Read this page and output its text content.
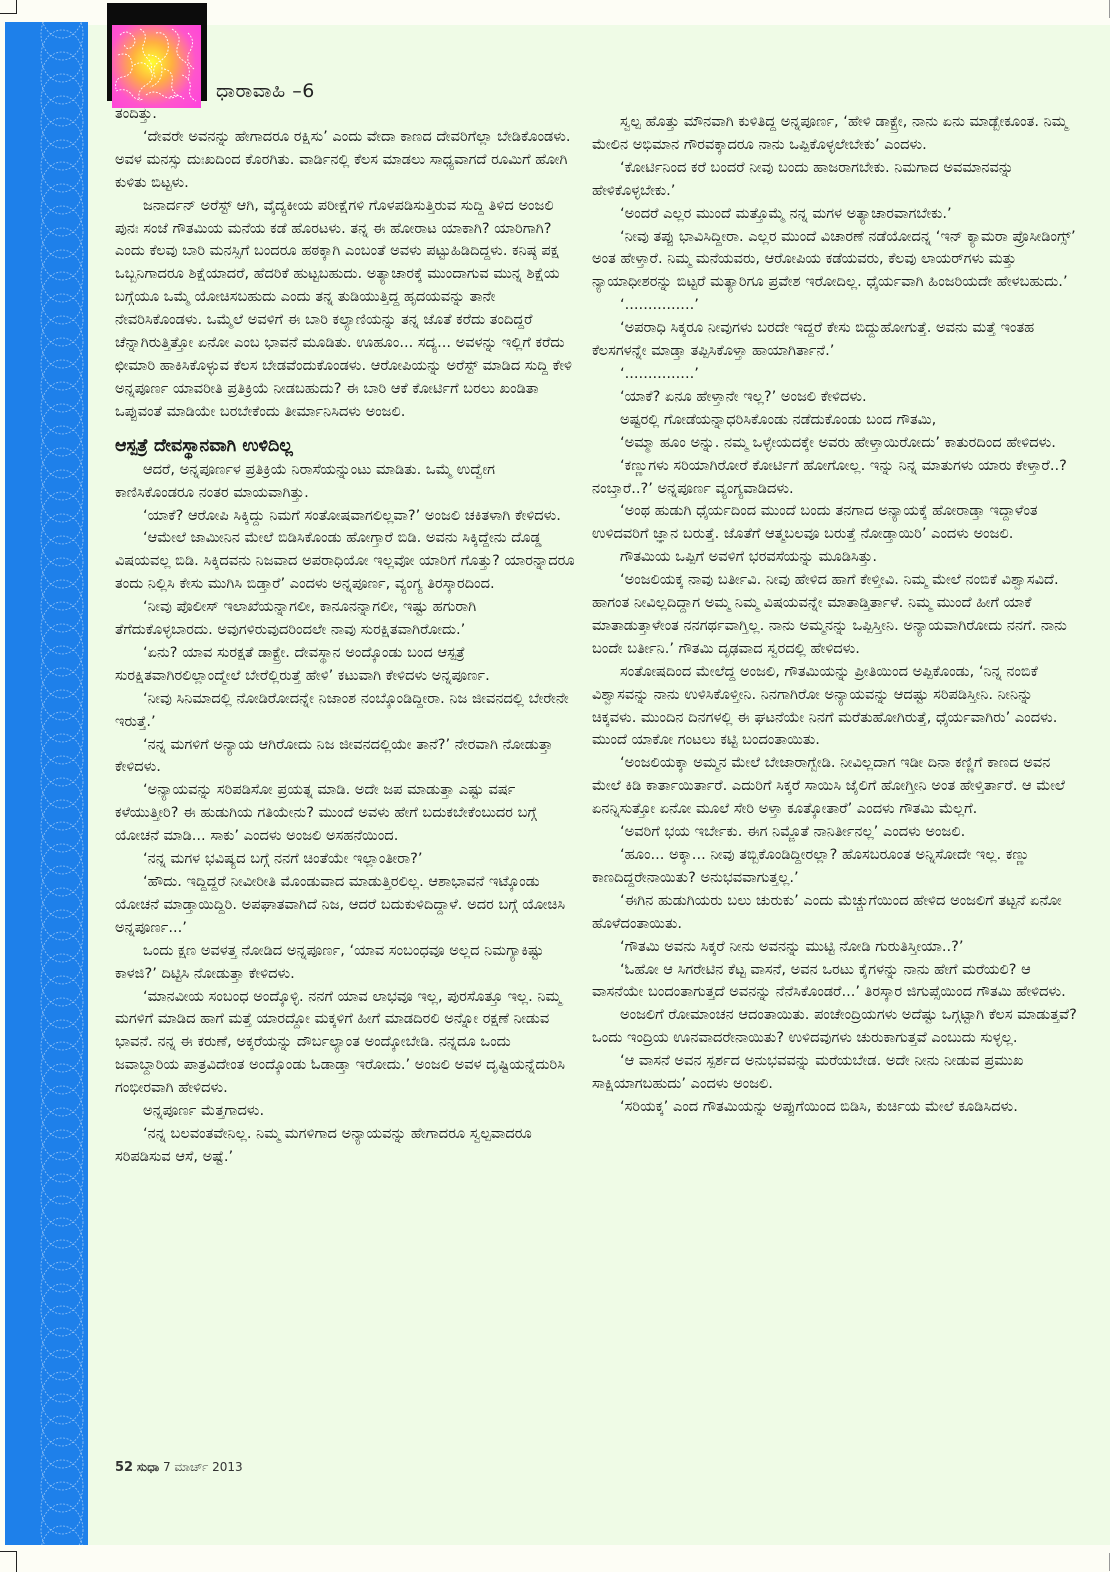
ಧಾರಾವಾಹಿ –6

ತಂದಿತ್ತು.

‘ದೇವರೇ ಅವನನ್ನು ಹೇಗಾದರೂ ರಕ್ಷಿಸು’ ಎಂದು ವೇದಾ ಕಾಣದ ದೇವರಿಗೆಲ್ಲಾ ಬೇಡಿಕೊಂಡಳು. ಅವಳ ಮನಸ್ಸು ದುಃಖದಿಂದ ಕೊರಗಿತು. ವಾರ್ಡಿನಲ್ಲಿ ಕೆಲಸ ಮಾಡಲು ಸಾಧ್ಯವಾಗದೆ ರೂಮಿಗೆ ಹೋಗಿ ಕುಳಿತು ಬಿಟ್ಟಳು.

ಜನಾರ್ದನ್ ಅರೆಸ್ಟ್ ಆಗಿ, ವೈದ್ಯಕೀಯ ಪರೀಕ್ಷೆಗಳಿ ಗೊಳಪಡಿಸುತ್ತಿರುವ ಸುದ್ದಿ ತಿಳಿದ ಅಂಜಲಿ ಪುನಃ ಸಂಜೆ ಗೌತಮಿಯ ಮನೆಯ ಕಡೆ ಹೊರಟಳು. ತನ್ನ ಈ ಹೋರಾಟ ಯಾಕಾಗಿ? ಯಾರಿಗಾಗಿ? ಎಂದು ಕೆಲವು ಬಾರಿ ಮನಸ್ಸಿಗೆ ಬಂದರೂ ಹಠಕ್ಕಾಗಿ ಎಂಬಂತೆ ಅವಳು ಪಟ್ಟುಹಿಡಿದಿದ್ದಳು. ಕನಿಷ್ಠ ಪಕ್ಷ ಒಬ್ಬನಿಗಾದರೂ ಶಿಕ್ಷೆಯಾದರೆ, ಹೆದರಿಕೆ ಹುಟ್ಟಬಹುದು. ಅತ್ಯಾಚಾರಕ್ಕೆ ಮುಂದಾಗುವ ಮುನ್ನ ಶಿಕ್ಷೆಯ ಬಗ್ಗೆಯೂ ಒಮ್ಮೆ ಯೋಚಿಸಬಹುದು ಎಂದು ತನ್ನ ತುಡಿಯುತ್ತಿದ್ದ ಹೃದಯವನ್ನು ತಾನೇ ನೇವರಿಸಿಕೊಂಡಳು. ಒಮ್ಮೆಲೆ ಅವಳಿಗೆ ಈ ಬಾರಿ ಕಲ್ಯಾಣಿಯನ್ನು ತನ್ನ ಜೊತೆ ಕರೆದು ತಂದಿದ್ದರೆ ಚೆನ್ನಾಗಿರುತ್ತಿತ್ತೋ ಏನೋ ಎಂಬ ಭಾವನೆ ಮೂಡಿತು. ಊಹೂಂ... ಸದ್ಯ... ಅವಳನ್ನು ಇಲ್ಲಿಗೆ ಕರೆದು ಛೀಮಾರಿ ಹಾಕಿಸಿಕೊಳ್ಳುವ ಕೆಲಸ ಬೇಡವೆಂದುಕೊಂಡಳು. ಆರೋಪಿಯನ್ನು ಅರೆಸ್ಟ್ ಮಾಡಿದ ಸುದ್ದಿ ಕೇಳಿ ಅನ್ನಪೂರ್ಣ ಯಾವರೀತಿ ಪ್ರತಿಕ್ರಿಯೆ ನೀಡಬಹುದು? ಈ ಬಾರಿ ಆಕೆ ಕೋರ್ಟಿಗೆ ಬರಲು ಖಂಡಿತಾ ಒಪ್ಪುವಂತೆ ಮಾಡಿಯೇ ಬರಬೇಕೆಂದು ತೀರ್ಮಾನಿಸಿದಳು ಅಂಜಲಿ.

ಆಸ್ಪತ್ರೆ ದೇವಸ್ಥಾನವಾಗಿ ಉಳಿದಿಲ್ಲ

ಆದರೆ, ಅನ್ನಪೂರ್ಣಳ ಪ್ರತಿಕ್ರಿಯೆ ನಿರಾಸೆಯನ್ನುಂಟು ಮಾಡಿತು. ಒಮ್ಮೆ ಉದ್ವೇಗ ಕಾಣಿಸಿಕೊಂಡರೂ ನಂತರ ಮಾಯವಾಗಿತ್ತು.

‘ಯಾಕೆ? ಆರೋಪಿ ಸಿಕ್ಕಿದ್ದು ನಿಮಗೆ ಸಂತೋಷವಾಗಲಿಲ್ಲವಾ?’ ಅಂಜಲಿ ಚಕಿತಳಾಗಿ ಕೇಳಿದಳು.

‘ಆಮೇಲೆ ಜಾಮೀನಿನ ಮೇಲೆ ಬಿಡಿಸಿಕೊಂಡು ಹೋಗ್ತಾರೆ ಬಿಡಿ. ಅವನು ಸಿಕ್ಕಿದ್ದೇನು ದೊಡ್ಡ ವಿಷಯವಲ್ಲ ಬಿಡಿ. ಸಿಕ್ಕಿದವನು ನಿಜವಾದ ಅಪರಾಧಿಯೋ ಇಲ್ಲವೋ ಯಾರಿಗೆ ಗೊತ್ತು? ಯಾರನ್ನಾದರೂ ತಂದು ನಿಲ್ಲಿಸಿ ಕೇಸು ಮುಗಿಸಿ ಬಿಡ್ತಾರೆ’ ಎಂದಳು ಅನ್ನಪೂರ್ಣ, ವ್ಯಂಗ್ಯ ತಿರಸ್ಕಾರದಿಂದ.

‘ನೀವು ಪೊಲೀಸ್ ಇಲಾಖೆಯನ್ನಾಗಲೀ, ಕಾನೂನನ್ನಾಗಲೀ, ಇಷ್ಟು ಹಗುರಾಗಿ ತೆಗೆದುಕೊಳ್ಳಬಾರದು. ಅವುಗಳಿರುವುದರಿಂದಲೇ ನಾವು ಸುರಕ್ಷಿತವಾಗಿರೋದು.’

‘ಏನು? ಯಾವ ಸುರಕ್ಷತೆ ಡಾಕ್ಟ್ರೇ. ದೇವಸ್ಥಾನ ಅಂದ್ಕೊಂಡು ಬಂದ ಆಸ್ಪತ್ರೆ ಸುರಕ್ಷಿತವಾಗಿರಲಿಲ್ಲಾಂದ್ಮೇಲೆ ಬೇರೆಲ್ಲಿರುತ್ತೆ ಹೇಳಿ’ ಕಟುವಾಗಿ ಕೇಳಿದಳು ಅನ್ನಪೂರ್ಣ.

‘ನೀವು ಸಿನಿಮಾದಲ್ಲಿ ನೋಡಿರೋದನ್ನೇ ನಿಜಾಂಶ ನಂಬ್ಕೊಂಡಿದ್ದೀರಾ. ನಿಜ ಜೀವನದಲ್ಲಿ ಬೇರೇನೇ ಇರುತ್ತೆ.’

‘ನನ್ನ ಮಗಳಿಗೆ ಅನ್ಯಾಯ ಆಗಿರೋದು ನಿಜ ಜೀವನದಲ್ಲಿಯೇ ತಾನೆ?’ ನೇರವಾಗಿ ನೋಡುತ್ತಾ ಕೇಳಿದಳು.

‘ಅನ್ಯಾಯವನ್ನು ಸರಿಪಡಿಸೋ ಪ್ರಯತ್ನ ಮಾಡಿ. ಅದೇ ಜಪ ಮಾಡುತ್ತಾ ಎಷ್ಟು ವರ್ಷ ಕಳೆಯುತ್ತೀರಿ? ಈ ಹುಡುಗಿಯ ಗತಿಯೇನು? ಮುಂದೆ ಅವಳು ಹೇಗೆ ಬದುಕಬೇಕೆಂಬುದರ ಬಗ್ಗೆ ಯೋಚನೆ ಮಾಡಿ... ಸಾಕು’ ಎಂದಳು ಅಂಜಲಿ ಅಸಹನೆಯಿಂದ.

‘ನನ್ನ ಮಗಳ ಭವಿಷ್ಯದ ಬಗ್ಗೆ ನನಗೆ ಚಿಂತೆಯೇ ಇಲ್ಲಾಂತೀರಾ?’

‘ಹೌದು. ಇದ್ದಿದ್ದರೆ ನೀವೀರೀತಿ ಮೊಂಡುವಾದ ಮಾಡುತ್ತಿರಲಿಲ್ಲ. ಆಶಾಭಾವನೆ ಇಟ್ಕೊಂಡು ಯೋಚನೆ ಮಾಡ್ತಾಯಿದ್ದಿರಿ. ಅಪಘಾತವಾಗಿದೆ ನಿಜ, ಆದರೆ ಬದುಕುಳಿದಿದ್ದಾಳೆ. ಅದರ ಬಗ್ಗೆ ಯೋಚಿಸಿ ಅನ್ನಪೂರ್ಣ...’

ಒಂದು ಕ್ಷಣ ಅವಳತ್ತ ನೋಡಿದ ಅನ್ನಪೂರ್ಣ, ‘ಯಾವ ಸಂಬಂಧವೂ ಅಲ್ಲದ ನಿಮಗ್ಯಾಕಿಷ್ಟು ಕಾಳಜಿ?’ ದಿಟ್ಟಿಸಿ ನೋಡುತ್ತಾ ಕೇಳಿದಳು.

‘ಮಾನವೀಯ ಸಂಬಂಧ ಅಂದ್ಕೊಳ್ಳಿ. ನನಗೆ ಯಾವ ಲಾಭವೂ ಇಲ್ಲ, ಪುರಸೊತ್ತೂ ಇಲ್ಲ. ನಿಮ್ಮ ಮಗಳಿಗೆ ಮಾಡಿದ ಹಾಗೆ ಮತ್ತೆ ಯಾರದ್ದೋ ಮಕ್ಕಳಿಗೆ ಹೀಗೆ ಮಾಡದಿರಲಿ ಅನ್ನೋ ರಕ್ಷಣೆ ನೀಡುವ ಭಾವನೆ. ನನ್ನ ಈ ಕರುಣೆ, ಅಕ್ಕರೆಯನ್ನು ದೌರ್ಬಲ್ಯಾಂತ ಅಂದ್ಕೋಬೇಡಿ. ನನ್ನದೂ ಒಂದು ಜವಾಬ್ದಾರಿಯ ಪಾತ್ರವಿದೇಂತ ಅಂದ್ಕೊಂಡು ಓಡಾಡ್ತಾ ಇರೋದು.’ ಅಂಜಲಿ ಅವಳ ದೃಷ್ಟಿಯನ್ನೆದುರಿಸಿ ಗಂಭೀರವಾಗಿ ಹೇಳಿದಳು.

ಅನ್ನಪೂರ್ಣ ಮೆತ್ತಗಾದಳು.

‘ನನ್ನ ಬಲವಂತವೇನಿಲ್ಲ. ನಿಮ್ಮ ಮಗಳಿಗಾದ ಅನ್ಯಾಯವನ್ನು ಹೇಗಾದರೂ ಸ್ವಲ್ಪವಾದರೂ ಸರಿಪಡಿಸುವ ಆಸೆ, ಅಷ್ಟೆ.’

ಸ್ವಲ್ಪ ಹೊತ್ತು ಮೌನವಾಗಿ ಕುಳಿತಿದ್ದ ಅನ್ನಪೂರ್ಣ, ‘ಹೇಳಿ ಡಾಕ್ಟ್ರೇ, ನಾನು ಏನು ಮಾಡ್ಬೇಕೂಂತ. ನಿಮ್ಮ ಮೇಲಿನ ಅಭಿಮಾನ ಗೌರವಕ್ಕಾದರೂ ನಾನು ಒಪ್ಪಿಕೊಳ್ಳಲೇಬೇಕು’ ಎಂದಳು.

‘ಕೋರ್ಟಿನಿಂದ ಕರೆ ಬಂದರೆ ನೀವು ಬಂದು ಹಾಜರಾಗಬೇಕು. ನಿಮಗಾದ ಅವಮಾನವನ್ನು ಹೇಳಿಕೊಳ್ಳಬೇಕು.’

‘ಅಂದರೆ ಎಲ್ಲರ ಮುಂದೆ ಮತ್ತೊಮ್ಮೆ ನನ್ನ ಮಗಳ ಅತ್ಯಾಚಾರವಾಗಬೇಕು.’

‘ನೀವು ತಪ್ಪು ಭಾವಿಸಿದ್ದೀರಾ. ಎಲ್ಲರ ಮುಂದೆ ವಿಚಾರಣೆ ನಡೆಯೋದನ್ನ ‘ಇನ್ ಕ್ಯಾಮರಾ ಪ್ರೊಸೀಡಿಂಗ್ಸ್’ ಅಂತ ಹೇಳ್ತಾರೆ. ನಿಮ್ಮ ಮನೆಯವರು, ಆರೋಪಿಯ ಕಡೆಯವರು, ಕೆಲವು ಲಾಯರ್‌ಗಳು ಮತ್ತು ನ್ಯಾಯಾಧೀಶರನ್ನು ಬಿಟ್ಟರೆ ಮತ್ಯಾರಿಗೂ ಪ್ರವೇಶ ಇರೋದಿಲ್ಲ. ಧೈರ್ಯವಾಗಿ ಹಿಂಜರಿಯದೇ ಹೇಳಬಹುದು.’

‘...............’

‘ಅಪರಾಧಿ ಸಿಕ್ಕರೂ ನೀವುಗಳು ಬರದೇ ಇದ್ದರೆ ಕೇಸು ಬಿದ್ದುಹೋಗುತ್ತೆ. ಅವನು ಮತ್ತೆ ಇಂತಹ ಕೆಲಸಗಳನ್ನೇ ಮಾಡ್ತಾ ತಪ್ಪಿಸಿಕೊಳ್ತಾ ಹಾಯಾಗಿರ್ತಾನೆ.’

‘...............’

‘ಯಾಕೆ? ಏನೂ ಹೇಳ್ತಾನೇ ಇಲ್ಲ?’ ಅಂಜಲಿ ಕೇಳಿದಳು.

ಅಷ್ಟರಲ್ಲಿ ಗೋಡೆಯನ್ನಾಧರಿಸಿಕೊಂಡು ನಡೆದುಕೊಂಡು ಬಂದ ಗೌತಮಿ,

‘ಅಮ್ಮಾ ಹೂಂ ಅನ್ನು. ನಮ್ಮ ಒಳ್ಳೇಯದಕ್ಕೇ ಅವರು ಹೇಳ್ತಾಯಿರೋದು’ ಕಾತುರದಿಂದ ಹೇಳಿದಳು.

‘ಕಣ್ಣುಗಳು ಸರಿಯಾಗಿರೋರೆ ಕೋರ್ಟಿಗೆ ಹೋಗೋಲ್ಲ. ಇನ್ನು ನಿನ್ನ ಮಾತುಗಳು ಯಾರು ಕೇಳ್ತಾರೆ..? ನಂಬ್ತಾರೆ..?’ ಅನ್ನಪೂರ್ಣ ವ್ಯಂಗ್ಯವಾಡಿದಳು.

‘ಅಂಥ ಹುಡುಗಿ ಧೈರ್ಯದಿಂದ ಮುಂದೆ ಬಂದು ತನಗಾದ ಅನ್ಯಾಯಕ್ಕೆ ಹೋರಾಡ್ತಾ ಇದ್ದಾಳೆಂತ ಉಳಿದವರಿಗೆ ಜ್ಞಾನ ಬರುತ್ತೆ. ಜೊತೆಗೆ ಆತ್ಮಬಲವೂ ಬರುತ್ತೆ ನೋಡ್ತಾಯಿರಿ’ ಎಂದಳು ಅಂಜಲಿ.

ಗೌತಮಿಯ ಒಪ್ಪಿಗೆ ಅವಳಿಗೆ ಭರವಸೆಯನ್ನು ಮೂಡಿಸಿತ್ತು.

‘ಅಂಜಲಿಯಕ್ಕ ನಾವು ಬರ್ತೀವಿ. ನೀವು ಹೇಳಿದ ಹಾಗೆ ಕೇಳ್ತೀವಿ. ನಿಮ್ಮ ಮೇಲೆ ನಂಬಿಕೆ ವಿಶ್ವಾಸವಿದೆ. ಹಾಗಂತ ನೀವಿಲ್ಲದಿದ್ದಾಗ ಅಮ್ಮ ನಿಮ್ಮ ವಿಷಯವನ್ನೇ ಮಾತಾಡ್ತಿರ್ತಾಳೆ. ನಿಮ್ಮ ಮುಂದೆ ಹೀಗೆ ಯಾಕೆ ಮಾತಾಡುತ್ತಾಳೇಂತ ನನಗರ್ಥವಾಗ್ತಿಲ್ಲ. ನಾನು ಅಮ್ಮನನ್ನು ಒಪ್ಪಿಸ್ತೀನಿ. ಅನ್ಯಾಯವಾಗಿರೋದು ನನಗೆ. ನಾನು ಬಂದೇ ಬರ್ತೀನಿ.’ ಗೌತಮಿ ದೃಢವಾದ ಸ್ವರದಲ್ಲಿ ಹೇಳಿದಳು.

ಸಂತೋಷದಿಂದ ಮೇಲೆದ್ದ ಅಂಜಲಿ, ಗೌತಮಿಯನ್ನು ಪ್ರೀತಿಯಿಂದ ಅಪ್ಪಿಕೊಂಡು, ‘ನಿನ್ನ ನಂಬಿಕೆ ವಿಶ್ವಾಸವನ್ನು ನಾನು ಉಳಿಸಿಕೊಳ್ತೀನಿ. ನಿನಗಾಗಿರೋ ಅನ್ಯಾಯವನ್ನು ಆದಷ್ಟು ಸರಿಪಡಿಸ್ತೀನಿ. ನೀನಿನ್ನು ಚಿಕ್ಕವಳು. ಮುಂದಿನ ದಿನಗಳಲ್ಲಿ ಈ ಘಟನೆಯೇ ನಿನಗೆ ಮರೆತುಹೋಗಿರುತ್ತೆ, ಧೈರ್ಯವಾಗಿರು’ ಎಂದಳು. ಮುಂದೆ ಯಾಕೋ ಗಂಟಲು ಕಟ್ಟಿ ಬಂದಂತಾಯಿತು.

‘ಅಂಜಲಿಯಕ್ಕಾ ಅಮ್ಮನ ಮೇಲೆ ಬೇಜಾರಾಗ್ಬೇಡಿ. ನೀವಿಲ್ಲದಾಗ ಇಡೀ ದಿನಾ ಕಣ್ಣಿಗೆ ಕಾಣದ ಅವನ ಮೇಲೆ ಕಿಡಿ ಕಾರ್ತಾಯಿರ್ತಾರೆ. ಎದುರಿಗೆ ಸಿಕ್ಕರೆ ಸಾಯಿಸಿ ಜೈಲಿಗೆ ಹೋಗ್ತೀನಿ ಅಂತ ಹೇಳ್ತಿರ್ತಾರೆ. ಆ ಮೇಲೆ ಏನನ್ನಿಸುತ್ತೋ ಏನೋ ಮೂಲೆ ಸೇರಿ ಅಳ್ತಾ ಕೂತ್ಕೋತಾರೆ’ ಎಂದಳು ಗೌತಮಿ ಮೆಲ್ಲಗೆ.

‘ಅವರಿಗೆ ಭಯ ಇರ್ಬೇಕು. ಈಗ ನಿಮ್ಜೊತೆ ನಾನಿರ್ತೀನಲ್ಲ’ ಎಂದಳು ಅಂಜಲಿ.

‘ಹೂಂ... ಅಕ್ಕಾ... ನೀವು ತಬ್ಬಿಕೊಂಡಿದ್ದೀರಲ್ಲಾ? ಹೊಸಬರೂಂತ ಅನ್ನಿಸೋದೇ ಇಲ್ಲ. ಕಣ್ಣು ಕಾಣದಿದ್ದರೇನಾಯಿತು? ಅನುಭವವಾಗುತ್ತಲ್ಲ.’

‘ಈಗಿನ ಹುಡುಗಿಯರು ಬಲು ಚುರುಕು’ ಎಂದು ಮೆಚ್ಚುಗೆಯಿಂದ ಹೇಳಿದ ಅಂಜಲಿಗೆ ತಟ್ಟನೆ ಏನೋ ಹೊಳೆದಂತಾಯಿತು.

‘ಗೌತಮಿ ಅವನು ಸಿಕ್ಕರೆ ನೀನು ಅವನನ್ನು ಮುಟ್ಟಿ ನೋಡಿ ಗುರುತಿಸ್ತೀಯಾ..?’

‘ಓಹೋ ಆ ಸಿಗರೇಟಿನ ಕೆಟ್ಟ ವಾಸನೆ, ಅವನ ಒರಟು ಕೈಗಳನ್ನು ನಾನು ಹೇಗೆ ಮರೆಯಲಿ? ಆ ವಾಸನೆಯೇ ಬಂದಂತಾಗುತ್ತದೆ ಅವನನ್ನು ನೆನೆಸಿಕೊಂಡರೆ...’ ತಿರಸ್ಕಾರ ಜಿಗುಪ್ಸೆಯಿಂದ ಗೌತಮಿ ಹೇಳಿದಳು.

ಅಂಜಲಿಗೆ ರೋಮಾಂಚನ ಆದಂತಾಯಿತು. ಪಂಚೇಂದ್ರಿಯಗಳು ಅದೆಷ್ಟು ಒಗ್ಗಟ್ಟಾಗಿ ಕೆಲಸ ಮಾಡುತ್ತವೆ? ಒಂದು ಇಂದ್ರಿಯ ಊನವಾದರೇನಾಯಿತು? ಉಳಿದವುಗಳು ಚುರುಕಾಗುತ್ತವೆ ಎಂಬುದು ಸುಳ್ಳಲ್ಲ.

‘ಆ ವಾಸನೆ ಅವನ ಸ್ಪರ್ಶದ ಅನುಭವವನ್ನು ಮರೆಯಬೇಡ. ಅದೇ ನೀನು ನೀಡುವ ಪ್ರಮುಖ ಸಾಕ್ಷಿಯಾಗಬಹುದು’ ಎಂದಳು ಅಂಜಲಿ.

‘ಸರಿಯಕ್ಕ’ ಎಂದ ಗೌತಮಿಯನ್ನು ಅಪ್ಪುಗೆಯಿಂದ ಬಿಡಿಸಿ, ಕುರ್ಚಿಯ ಮೇಲೆ ಕೂಡಿಸಿದಳು.

52 ಸುಧಾ 7 ಮಾರ್ಚ್ 2013
